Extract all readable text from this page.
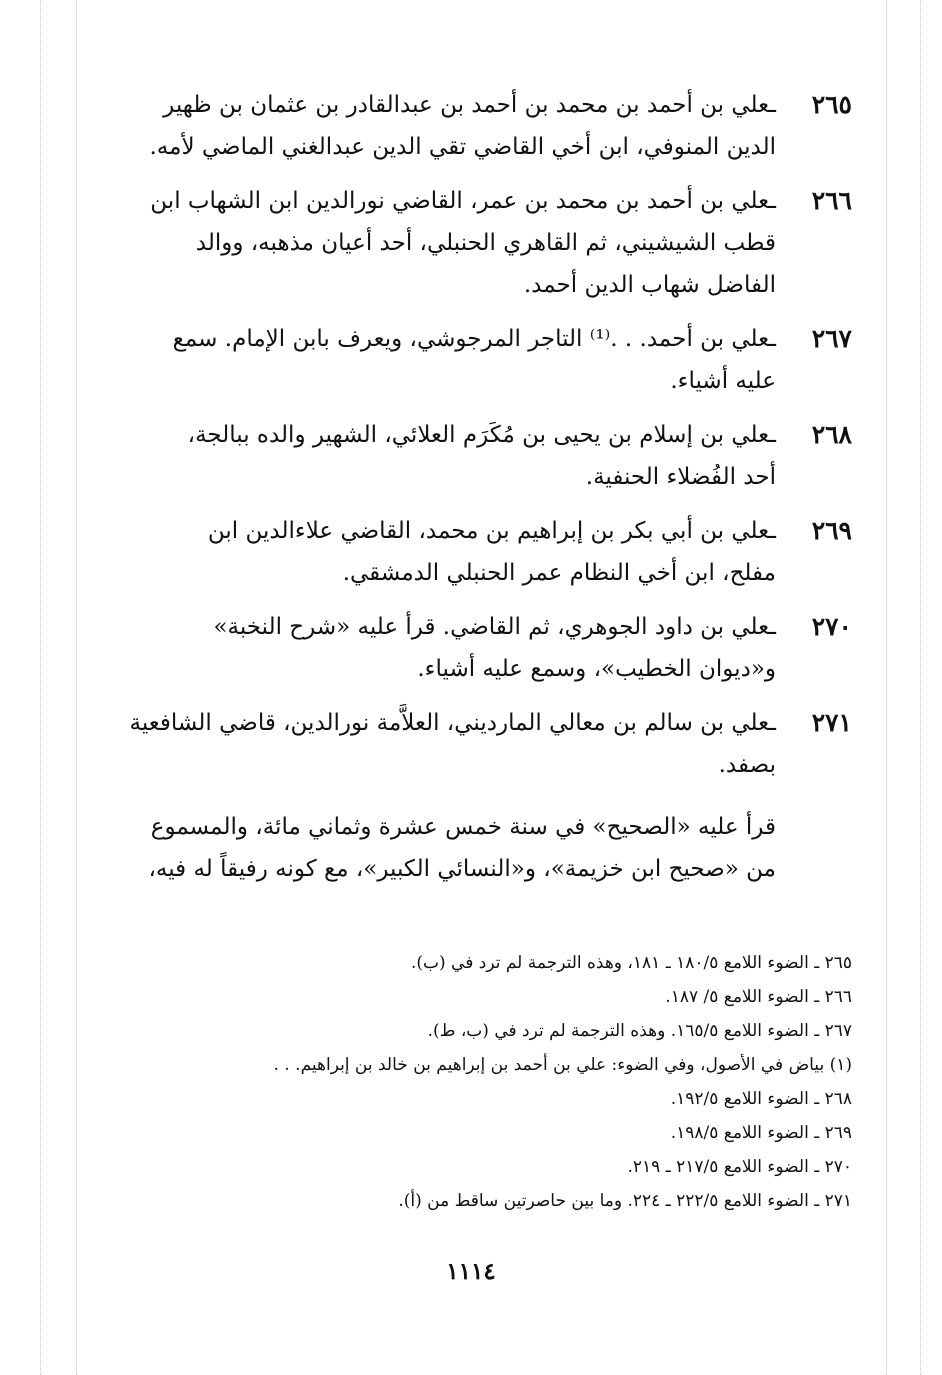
٢٦٥
ـعلي بن أحمد بن محمد بن أحمد بن عبدالقادر بن عثمان بن ظهير
الدين المنوفي، ابن أخي القاضي تقي الدين عبدالغني الماضي لأمه.
٢٦٦
ـعلي بن أحمد بن محمد بن عمر، القاضي نورالدين ابن الشهاب ابن
قطب الشيشيني، ثم القاهري الحنبلي، أحد أعيان مذهبه، ووالد
الفاضل شهاب الدين أحمد.
٢٦٧
ـعلي بن أحمد. . .⁽¹⁾ التاجر المرجوشي، ويعرف بابن الإمام. سمع
عليه أشياء.
٢٦٨
ـعلي بن إسلام بن يحيى بن مُكَرَم العلائي، الشهير والده ببالجة،
أحد الفُضلاء الحنفية.
٢٦٩
ـعلي بن أبي بكر بن إبراهيم بن محمد، القاضي علاءالدين ابن
مفلح، ابن أخي النظام عمر الحنبلي الدمشقي.
٢٧٠
ـعلي بن داود الجوهري، ثم القاضي. قرأ عليه «شرح النخبة»
و«ديوان الخطيب»، وسمع عليه أشياء.
٢٧١
ـعلي بن سالم بن معالي المارديني، العلاَّمة نورالدين، قاضي الشافعية
بصفد.
قرأ عليه «الصحيح» في سنة خمس عشرة وثماني مائة، والمسموع
من «صحيح ابن خزيمة»، و«النسائي الكبير»، مع كونه رفيقاً له فيه،
٢٦٥ ـ الضوء اللامع ١٨٠/٥ ـ ١٨١، وهذه الترجمة لم ترد في (ب).
٢٦٦ ـ الضوء اللامع ٥/ ١٨٧.
٢٦٧ ـ الضوء اللامع ١٦٥/٥. وهذه الترجمة لم ترد في (ب، ط).
(١) بياض في الأصول، وفي الضوء: علي بن أحمد بن إبراهيم بن خالد بن إبراهيم. . .
٢٦٨ ـ الضوء اللامع ١٩٢/٥.
٢٦٩ ـ الضوء اللامع ١٩٨/٥.
٢٧٠ ـ الضوء اللامع ٢١٧/٥ ـ ٢١٩.
٢٧١ ـ الضوء اللامع ٢٢٢/٥ ـ ٢٢٤. وما بين حاصرتين ساقط من (أ).
١١١٤
